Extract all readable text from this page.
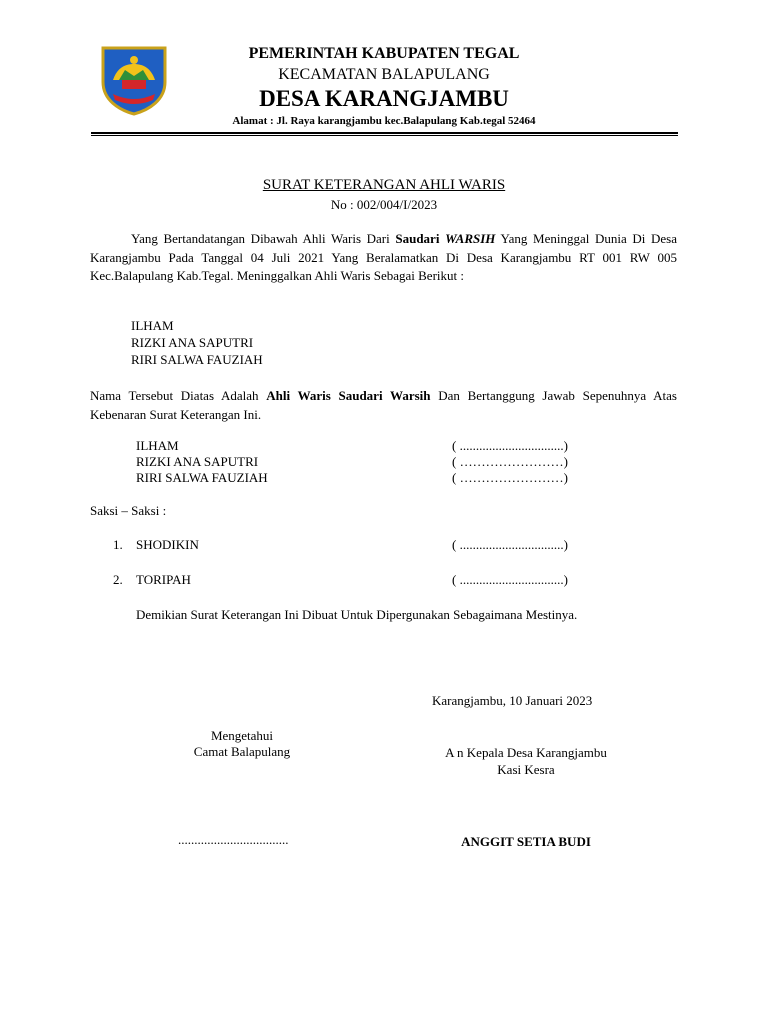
PEMERINTAH KABUPATEN TEGAL
KECAMATAN BALAPULANG
DESA KARANGJAMBU
Alamat : Jl. Raya karangjambu kec.Balapulang Kab.tegal 52464
SURAT KETERANGAN AHLI WARIS
No : 002/004/I/2023
Yang Bertandatangan Dibawah Ahli Waris Dari Saudari WARSIH Yang Meninggal Dunia Di Desa Karangjambu Pada Tanggal 04 Juli 2021 Yang Beralamatkan Di Desa Karangjambu RT 001 RW 005 Kec.Balapulang Kab.Tegal. Meninggalkan Ahli Waris Sebagai Berikut :
ILHAM
RIZKI ANA SAPUTRI
RIRI SALWA FAUZIAH
Nama Tersebut Diatas Adalah Ahli Waris Saudari Warsih Dan Bertanggung Jawab Sepenuhnya Atas Kebenaran Surat Keterangan Ini.
ILHAM	( ................................)
RIZKI ANA SAPUTRI	( ……………………)
RIRI SALWA FAUZIAH	( ……………………)
Saksi – Saksi :
1. SHODIKIN	( ................................)
2. TORIPAH	( ................................)
Demikian Surat Keterangan Ini Dibuat Untuk Dipergunakan Sebagaimana Mestinya.
Karangjambu, 10 Januari 2023
Mengetahui
Camat Balapulang
..................................
A n Kepala Desa Karangjambu
Kasi Kesra
ANGGIT SETIA BUDI
